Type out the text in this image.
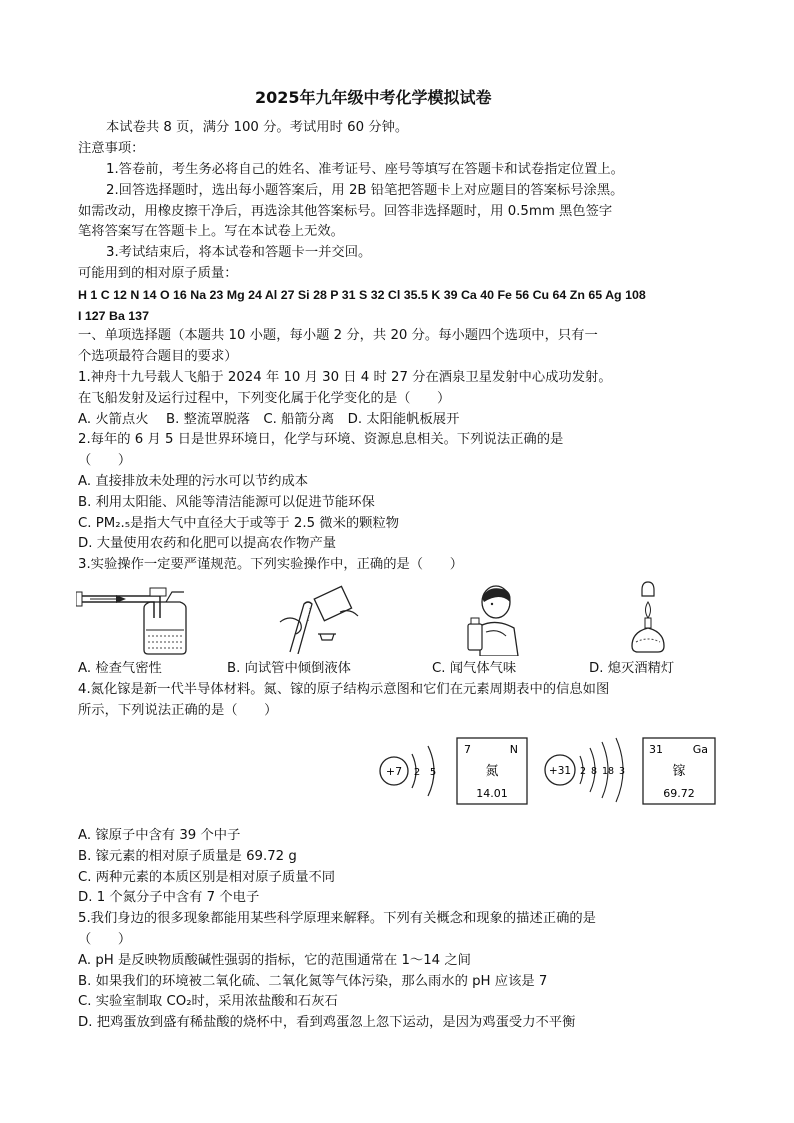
2025年九年级中考化学模拟试卷
本试卷共 8 页，满分 100 分。考试用时 60 分钟。
注意事项：
1.答卷前，考生务必将自己的姓名、准考证号、座号等填写在答题卡和试卷指定位置上。
2.回答选择题时，选出每小题答案后，用 2B 铅笔把答题卡上对应题目的答案标号涂黑。
如需改动，用橡皮擦干净后，再选涂其他答案标号。回答非选择题时，用 0.5mm 黑色签字
笔将答案写在答题卡上。写在本试卷上无效。
3.考试结束后，将本试卷和答题卡一并交回。
可能用到的相对原子质量：
H 1 C 12 N 14 O 16 Na 23 Mg 24 Al 27 Si 28 P 31 S 32 Cl 35.5 K 39 Ca 40 Fe 56 Cu 64 Zn 65 Ag 108
I 127 Ba 137
一、单项选择题（本题共 10 小题，每小题 2 分，共 20 分。每小题四个选项中，只有一
个选项最符合题目的要求）
1.神舟十九号载人飞船于 2024 年 10 月 30 日 4 时 27 分在酒泉卫星发射中心成功发射。
在飞船发射及运行过程中，下列变化属于化学变化的是（　　）
A. 火箭点火　 B. 整流罩脱落　C. 船箭分离　D. 太阳能帆板展开
2.每年的 6 月 5 日是世界环境日，化学与环境、资源息息相关。下列说法正确的是
（　　）
A. 直接排放未处理的污水可以节约成本
B. 利用太阳能、风能等清洁能源可以促进节能环保
C. PM₂.₅是指大气中直径大于或等于 2.5 微米的颗粒物
D. 大量使用农药和化肥可以提高农作物产量
3.实验操作一定要严谨规范。下列实验操作中，正确的是（　　）
A. 检查气密性	B. 向试管中倾倒液体	C. 闻气体气味	D. 熄灭酒精灯
4.氮化镓是新一代半导体材料。氮、镓的原子结构示意图和它们在元素周期表中的信息如图
所示，下列说法正确的是（　　）
+7 2 5
7	N
氮
14.01
+31 2 8 18 3
31	Ga
镓
69.72
A. 镓原子中含有 39 个中子
B. 镓元素的相对原子质量是 69.72 g
C. 两种元素的本质区别是相对原子质量不同
D. 1 个氮分子中含有 7 个电子
5.我们身边的很多现象都能用某些科学原理来解释。下列有关概念和现象的描述正确的是
（　　）
A. pH 是反映物质酸碱性强弱的指标，它的范围通常在 1～14 之间
B. 如果我们的环境被二氧化硫、二氧化氮等气体污染，那么雨水的 pH 应该是 7
C. 实验室制取 CO₂时，采用浓盐酸和石灰石
D. 把鸡蛋放到盛有稀盐酸的烧杯中，看到鸡蛋忽上忽下运动，是因为鸡蛋受力不平衡
